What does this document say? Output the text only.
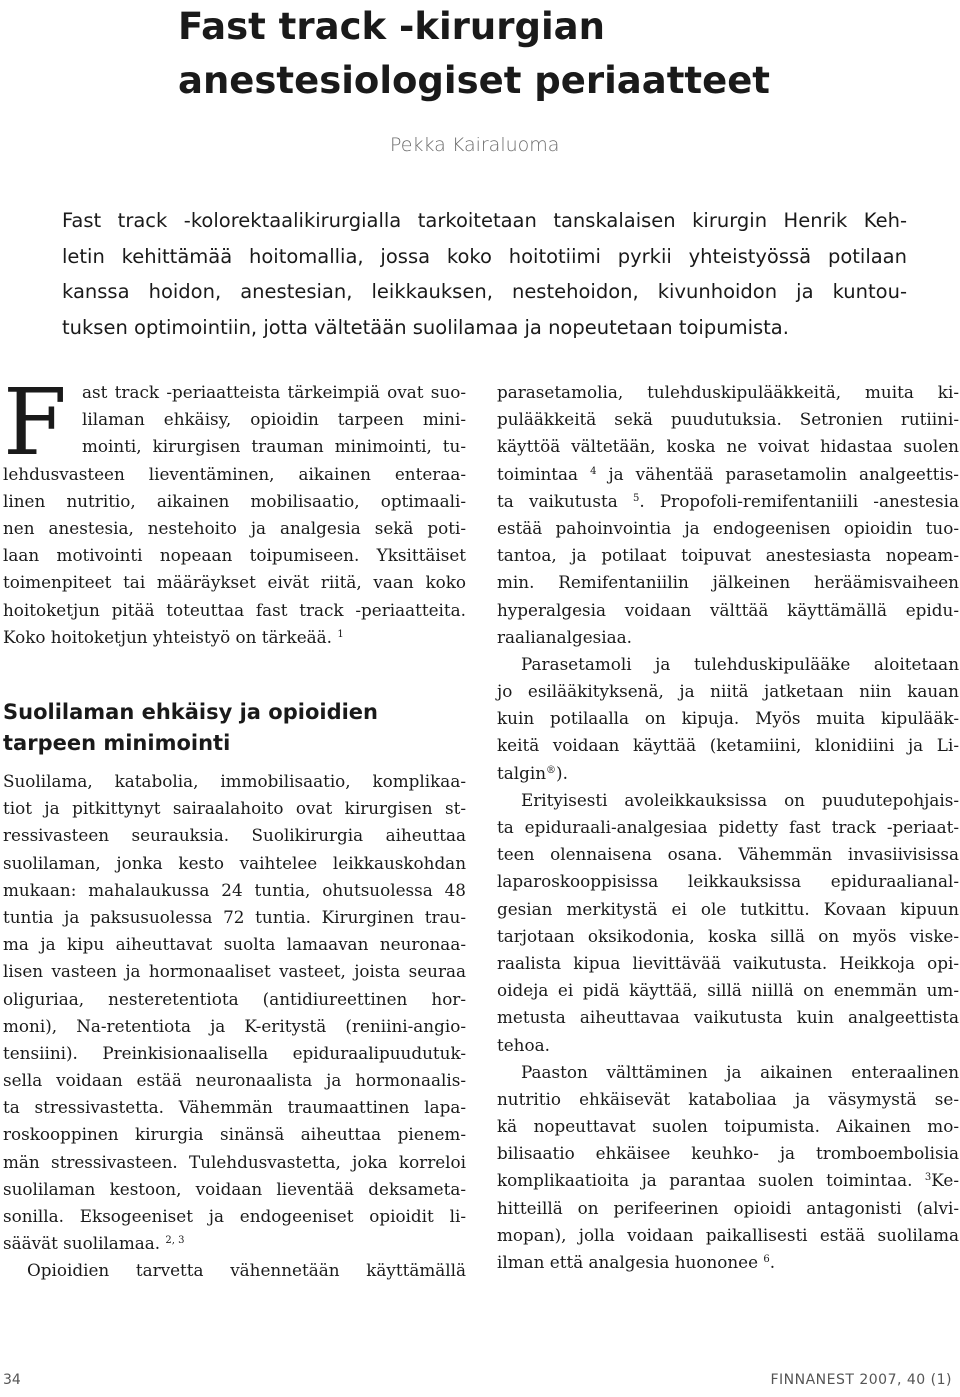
Fast track -kirurgian
anestesiologiset periaatteet
Pekka Kairaluoma
Fast track -kolorektaalikirurgialla tarkoitetaan tanskalaisen kirurgin Henrik Keh-
letin kehittämää hoitomallia, jossa koko hoitotiimi pyrkii yhteistyössä potilaan
kanssa hoidon, anestesian, leikkauksen, nestehoidon, kivunhoidon ja kuntou-
tuksen optimointiin, jotta vältetään suolilamaa ja nopeutetaan toipumista.
F ast track -periaatteista tärkeimpiä ovat suo-
lilaman ehkäisy, opioidin tarpeen mini-
mointi, kirurgisen trauman minimointi, tu-
lehdusvasteen lieventäminen, aikainen enteraa-
linen nutritio, aikainen mobilisaatio, optimaali-
nen anestesia, nestehoito ja analgesia sekä poti-
laan motivointi nopeaan toipumiseen. Yksittäiset
toimenpiteet tai määräykset eivät riitä, vaan koko
hoitoketjun pitää toteuttaa fast track -periaatteita.
Koko hoitoketjun yhteistyö on tärkeää. $^1$
Suolilaman ehkäisy ja opioidien
tarpeen minimointi
Suolilama, katabolia, immobilisaatio, komplikaa-
tiot ja pitkittynyt sairaalahoito ovat kirurgisen st-
ressivasteen seurauksia. Suolikirurgia aiheuttaa
suolilaman, jonka kesto vaihtelee leikkauskohdan
mukaan: mahalaukussa 24 tuntia, ohutsuolessa 48
tuntia ja paksusuolessa 72 tuntia. Kirurginen trau-
ma ja kipu aiheuttavat suolta lamaavan neuronaa-
lisen vasteen ja hormonaaliset vasteet, joista seuraa
oliguriaa, nesteretentiota (antidiureettinen hor-
moni), Na-retentiota ja K-eritystä (reniini-angio-
tensiini). Preinkisionaalisella epiduraalipuudutuk-
sella voidaan estää neuronaalista ja hormonaalis-
ta stressivastetta. Vähemmän traumaattinen lapa-
roskooppinen kirurgia sinänsä aiheuttaa pienem-
män stressivasteen. Tulehdusvastetta, joka korreloi
suolilaman kestoon, voidaan lieventää deksameta-
sonilla. Eksogeeniset ja endogeeniset opioidit li-
säävät suolilamaa. $^{2, 3}$
Opioidien tarvetta vähennetään käyttämällä
parasetamolia, tulehduskipulääkkeitä, muita ki-
pulääkkeitä sekä puudutuksia. Setronien rutiini-
käyttöä vältetään, koska ne voivat hidastaa suolen
toimintaa $^4$ ja vähentää parasetamolin analgeettis-
ta vaikutusta $^5$. Propofoli-remifentaniili -anestesia
estää pahoinvointia ja endogeenisen opioidin tuo-
tantoa, ja potilaat toipuvat anestesiasta nopeam-
min. Remifentaniilin jälkeinen heräämisvaiheen
hyperalgesia voidaan välttää käyttämällä epidu-
raalianalgesiaa.
Parasetamoli ja tulehduskipulääke aloitetaan
jo esilääkityksenä, ja niitä jatketaan niin kauan
kuin potilaalla on kipuja. Myös muita kipulääk-
keitä voidaan käyttää (ketamiini, klonidiini ja Li-
talgin®).
Erityisesti avoleikkauksissa on puudutepohjais-
ta epiduraali-analgesiaa pidetty fast track -periaat-
teen olennaisena osana. Vähemmän invasiivisissa
laparoskooppisissa leikkauksissa epiduraalianal-
gesian merkitystä ei ole tutkittu. Kovaan kipuun
tarjotaan oksikodonia, koska sillä on myös viske-
raalista kipua lievittävää vaikutusta. Heikkoja opi-
oideja ei pidä käyttää, sillä niillä on enemmän um-
metusta aiheuttavaa vaikutusta kuin analgeettista
tehoa.
Paaston välttäminen ja aikainen enteraalinen
nutritio ehkäisevät kataboliaa ja väsymystä se-
kä nopeuttavat suolen toipumista. Aikainen mo-
bilisaatio ehkäisee keuhko- ja tromboembolisia
komplikaatioita ja parantaa suolen toimintaa. $^3$Ke-
hitteillä on perifeerinen opioidi antagonisti (alvi-
mopan), jolla voidaan paikallisesti estää suolilama
ilman että analgesia huononee $^6$.
34	FINNANEST 2007, 40 (1)
